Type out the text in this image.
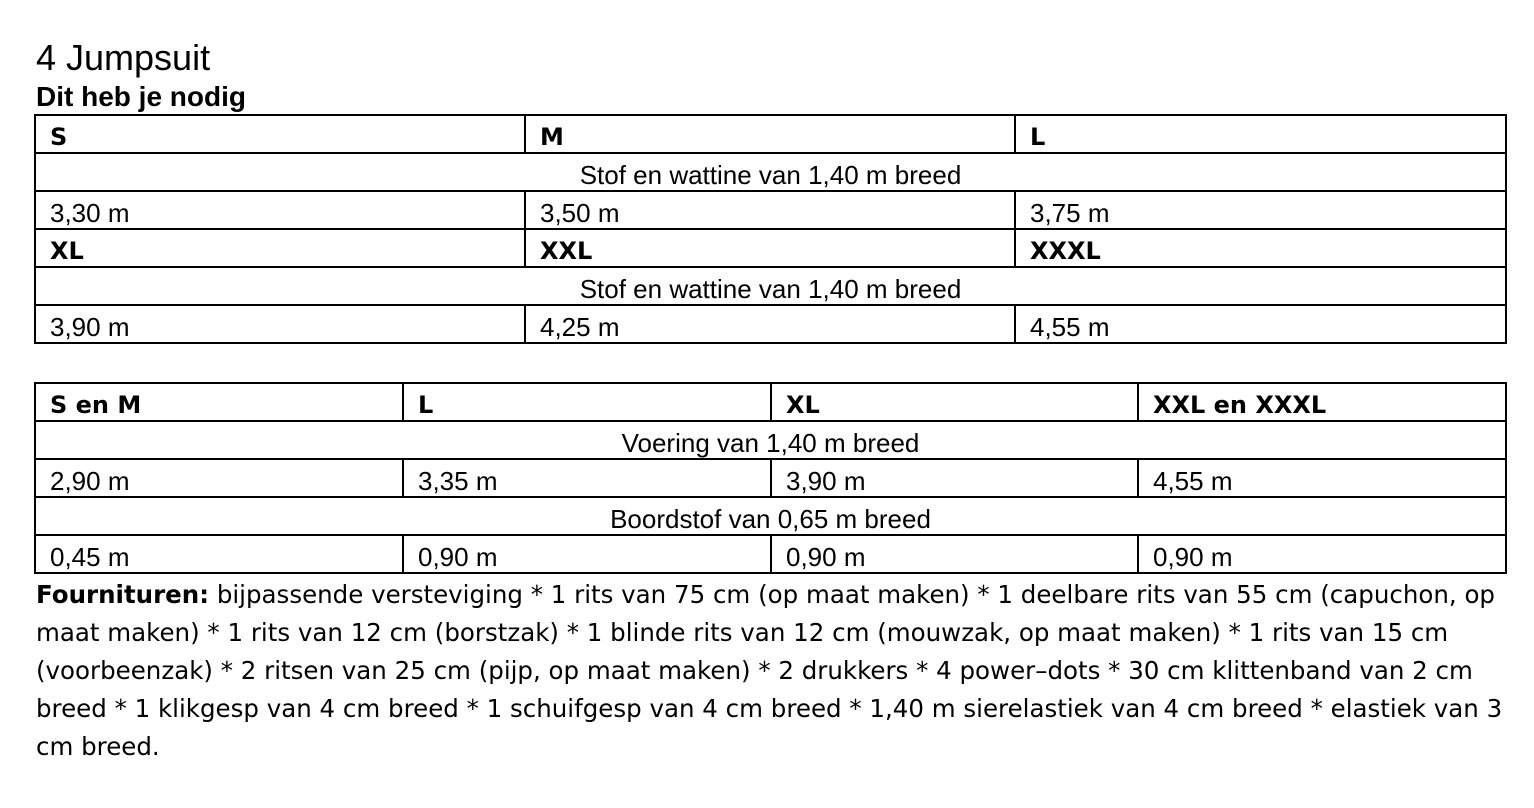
4 Jumpsuit
Dit heb je nodig
S	M	L
Stof en wattine van 1,40 m breed		
3,30 m	3,50 m	3,75 m
XL	XXL	XXXL
Stof en wattine van 1,40 m breed		
3,90 m	4,25 m	4,55 m
S en M	L	XL	XXL en XXXL
Voering van 1,40 m breed			
2,90 m	3,35 m	3,90 m	4,55 m
Boordstof van 0,65 m breed			
0,45 m	0,90 m	0,90 m	0,90 m

Fournituren: bijpassende versteviging * 1 rits van 75 cm (op maat maken) * 1 deelbare rits van 55 cm (capuchon, op maat maken) * 1 rits van 12 cm (borstzak) * 1 blinde rits van 12 cm (mouwzak, op maat maken) * 1 rits van 15 cm (voorbeenzak) * 2 ritsen van 25 cm (pijp, op maat maken) * 2 drukkers * 4 power–dots * 30 cm klittenband van 2 cm breed * 1 klikgesp van 4 cm breed * 1 schuifgesp van 4 cm breed * 1,40 m sierelastiek van 4 cm breed * elastiek van 3 cm breed.
